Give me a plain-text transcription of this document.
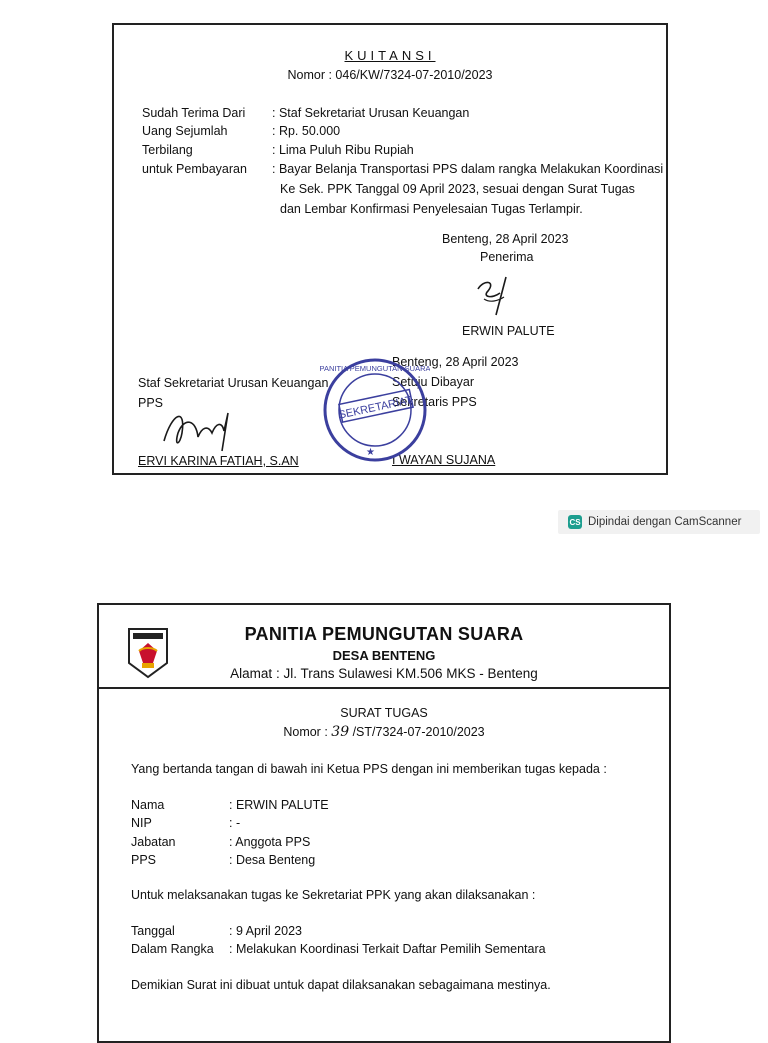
KUITANSI
Nomor : 046/KW/7324-07-2010/2023
Sudah Terima Dari : Staf Sekretariat Urusan Keuangan
Uang Sejumlah	: Rp. 50.000
Terbilang	: Lima Puluh Ribu Rupiah
untuk Pembayaran : Bayar Belanja Transportasi PPS dalam rangka Melakukan Koordinasi
Ke Sek. PPK Tanggal 09 April 2023, sesuai dengan Surat Tugas
dan Lembar Konfirmasi Penyelesaian Tugas Terlampir.
Benteng, 28 April 2023
Penerima
ERWIN PALUTE
Benteng, 28 April 2023
Setuju Dibayar
Sekretaris PPS
I WAYAN SUJANA
Staf Sekretariat Urusan Keuangan
PPS
ERVI KARINA FATIAH, S.AN
SEKRETARIAT
PANITIA PEMUNGUTAN SUARA
★
CS Dipindai dengan CamScanner
PANITIA PEMUNGUTAN SUARA
DESA BENTENG
Alamat : Jl. Trans Sulawesi KM.506 MKS - Benteng
SURAT TUGAS
Nomor : 39 /ST/7324-07-2010/2023
Yang bertanda tangan di bawah ini Ketua PPS dengan ini memberikan tugas kepada :
Nama	: ERWIN PALUTE
NIP	: -
Jabatan	: Anggota PPS
PPS	: Desa Benteng
Untuk melaksanakan tugas ke Sekretariat PPK yang akan dilaksanakan :
Tanggal	: 9 April 2023
Dalam Rangka : Melakukan Koordinasi Terkait Daftar Pemilih Sementara
Demikian Surat ini dibuat untuk dapat dilaksanakan sebagaimana mestinya.
